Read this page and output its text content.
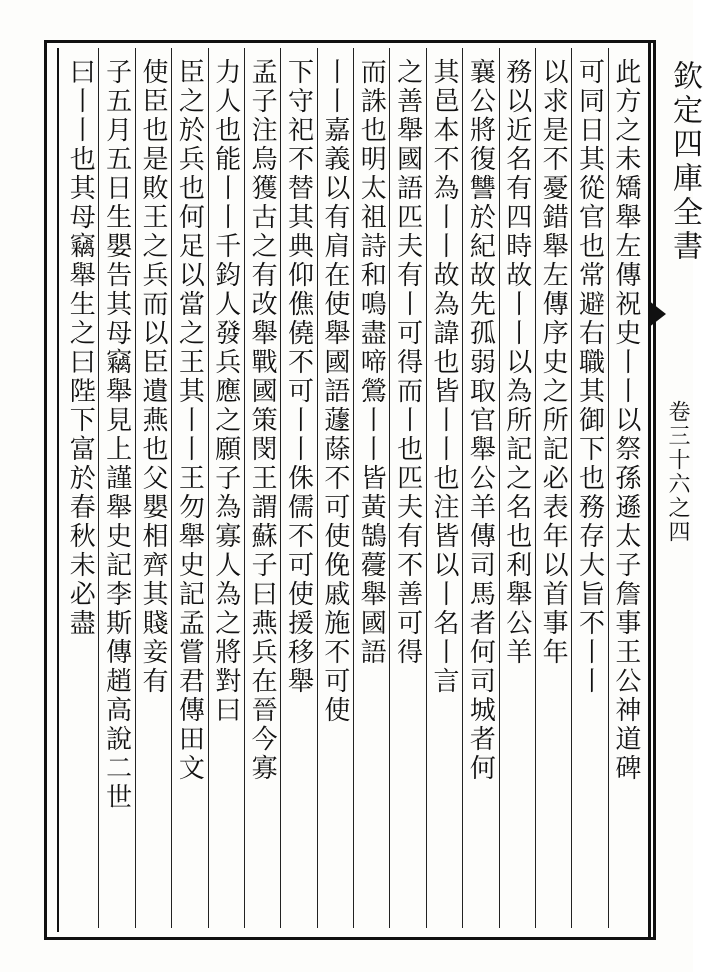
欽定四庫全書
卷三十六之四
此方之未矯舉左傳祝史丨丨以祭孫遜太子詹事王公神道碑
可同日其從官也常避右職其御下也務存大旨不丨丨
以求是不憂錯舉左傳序史之所記必表年以首事年
務以近名有四時故丨丨以為所記之名也利舉公羊
襄公將復讐於紀故先孤弱取官舉公羊傳司馬者何司城者何
其邑本不為丨丨故為諱也皆丨丨也注皆以丨名丨言
之善舉國語匹夫有丨可得而丨也匹夫有不善可得
而誅也明太祖詩和鳴盡啼鶯丨丨皆黃鵠蘉舉國語
丨丨嘉義以有肩在使舉國語蘧蒢不可使俛戚施不可使
下守祀不替其典仰僬僥不可丨丨侏儒不可使援移舉
孟子注烏獲古之有改舉戰國策閔王謂蘇子曰燕兵在晉今寡
力人也能丨丨千鈞人發兵應之願子為寡人為之將對曰
臣之於兵也何足以當之王其丨丨王勿舉史記孟嘗君傳田文
使臣也是敗王之兵而以臣遺燕也父嬰相齊其賤妾有
子五月五日生嬰告其母竊舉見上謹舉史記李斯傳趙高說二世
曰丨丨也其母竊舉生之曰陛下富於春秋未必盡
